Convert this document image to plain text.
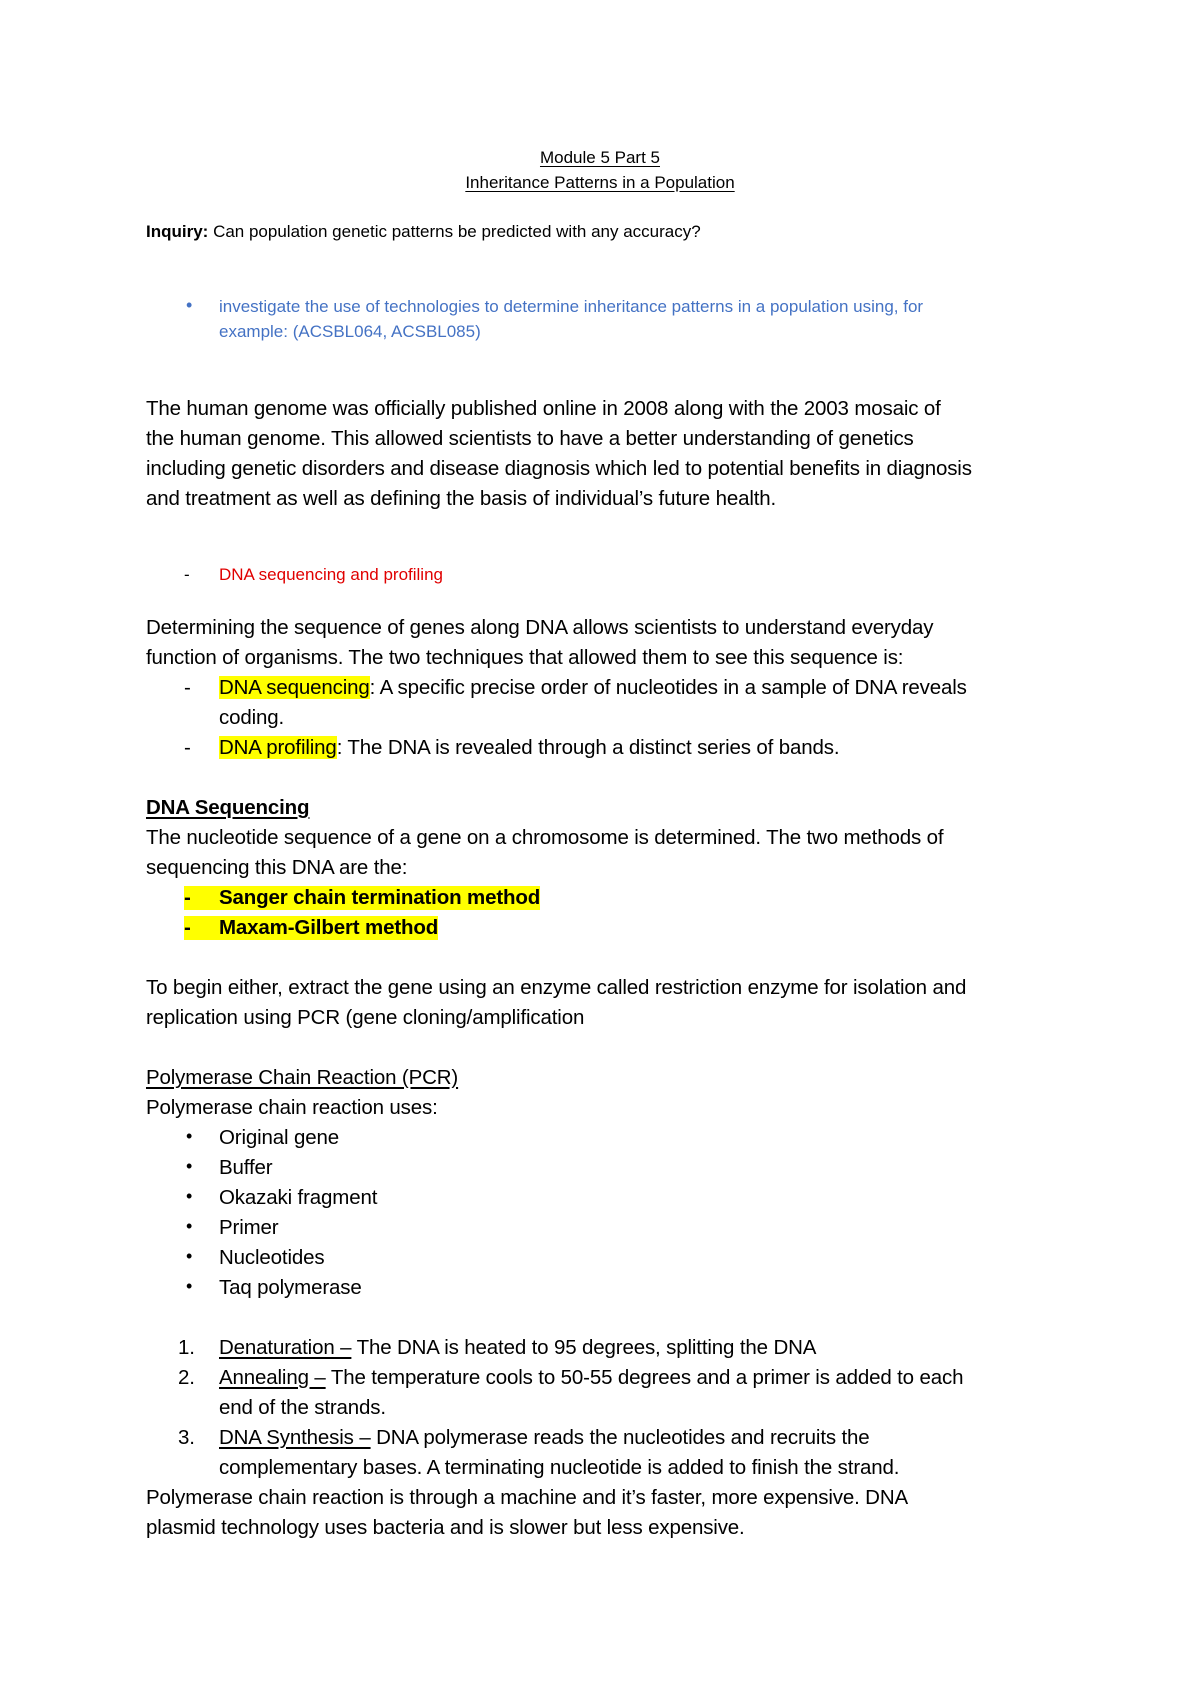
Module 5 Part 5
Inheritance Patterns in a Population
Inquiry: Can population genetic patterns be predicted with any accuracy?
• investigate the use of technologies to determine inheritance patterns in a population using, for
example: (ACSBL064, ACSBL085)
The human genome was officially published online in 2008 along with the 2003 mosaic of
the human genome. This allowed scientists to have a better understanding of genetics
including genetic disorders and disease diagnosis which led to potential benefits in diagnosis
and treatment as well as defining the basis of individual’s future health.
- DNA sequencing and profiling
Determining the sequence of genes along DNA allows scientists to understand everyday
function of organisms. The two techniques that allowed them to see this sequence is:
- DNA sequencing: A specific precise order of nucleotides in a sample of DNA reveals
coding.
- DNA profiling: The DNA is revealed through a distinct series of bands.
DNA Sequencing
The nucleotide sequence of a gene on a chromosome is determined. The two methods of
sequencing this DNA are the:
-	Sanger chain termination method
-	Maxam-Gilbert method
To begin either, extract the gene using an enzyme called restriction enzyme for isolation and
replication using PCR (gene cloning/amplification
Polymerase Chain Reaction (PCR)
Polymerase chain reaction uses:
• Original gene
• Buffer
• Okazaki fragment
• Primer
• Nucleotides
• Taq polymerase
1. Denaturation – The DNA is heated to 95 degrees, splitting the DNA
2. Annealing – The temperature cools to 50-55 degrees and a primer is added to each
end of the strands.
3. DNA Synthesis – DNA polymerase reads the nucleotides and recruits the
complementary bases. A terminating nucleotide is added to finish the strand.
Polymerase chain reaction is through a machine and it’s faster, more expensive. DNA
plasmid technology uses bacteria and is slower but less expensive.
